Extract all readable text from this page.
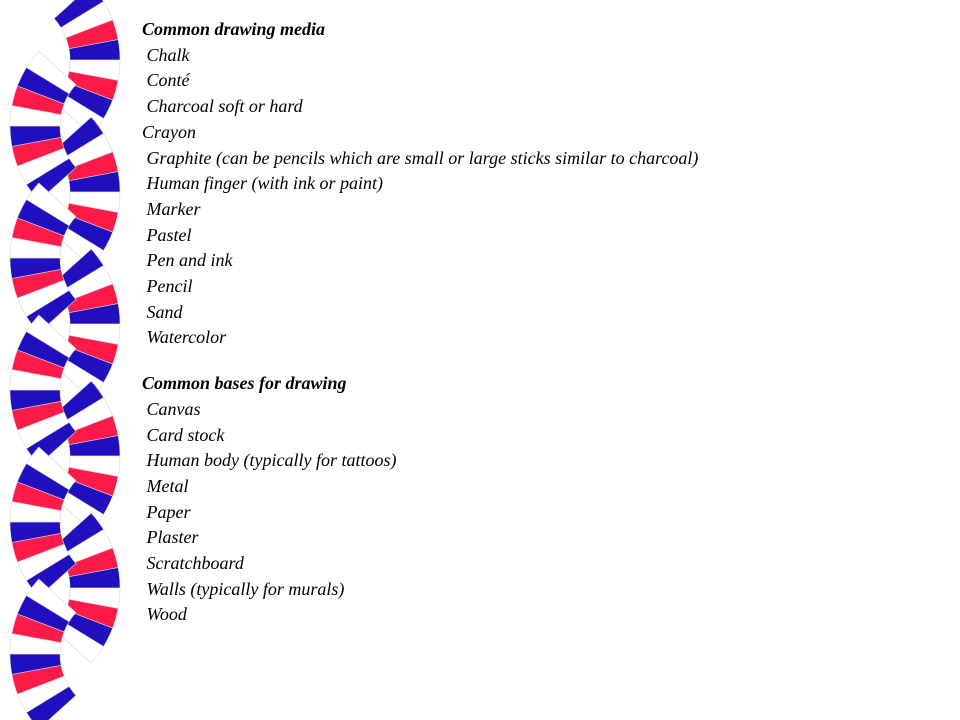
Common drawing media
Chalk
Conté
Charcoal soft or hard
Crayon
Graphite (can be pencils which are small or large sticks similar to charcoal)
Human finger (with ink or paint)
Marker
Pastel
Pen and ink
Pencil
Sand
Watercolor
Common bases for drawing
Canvas
Card stock
Human body (typically for tattoos)
Metal
Paper
Plaster
Scratchboard
Walls (typically for murals)
Wood
